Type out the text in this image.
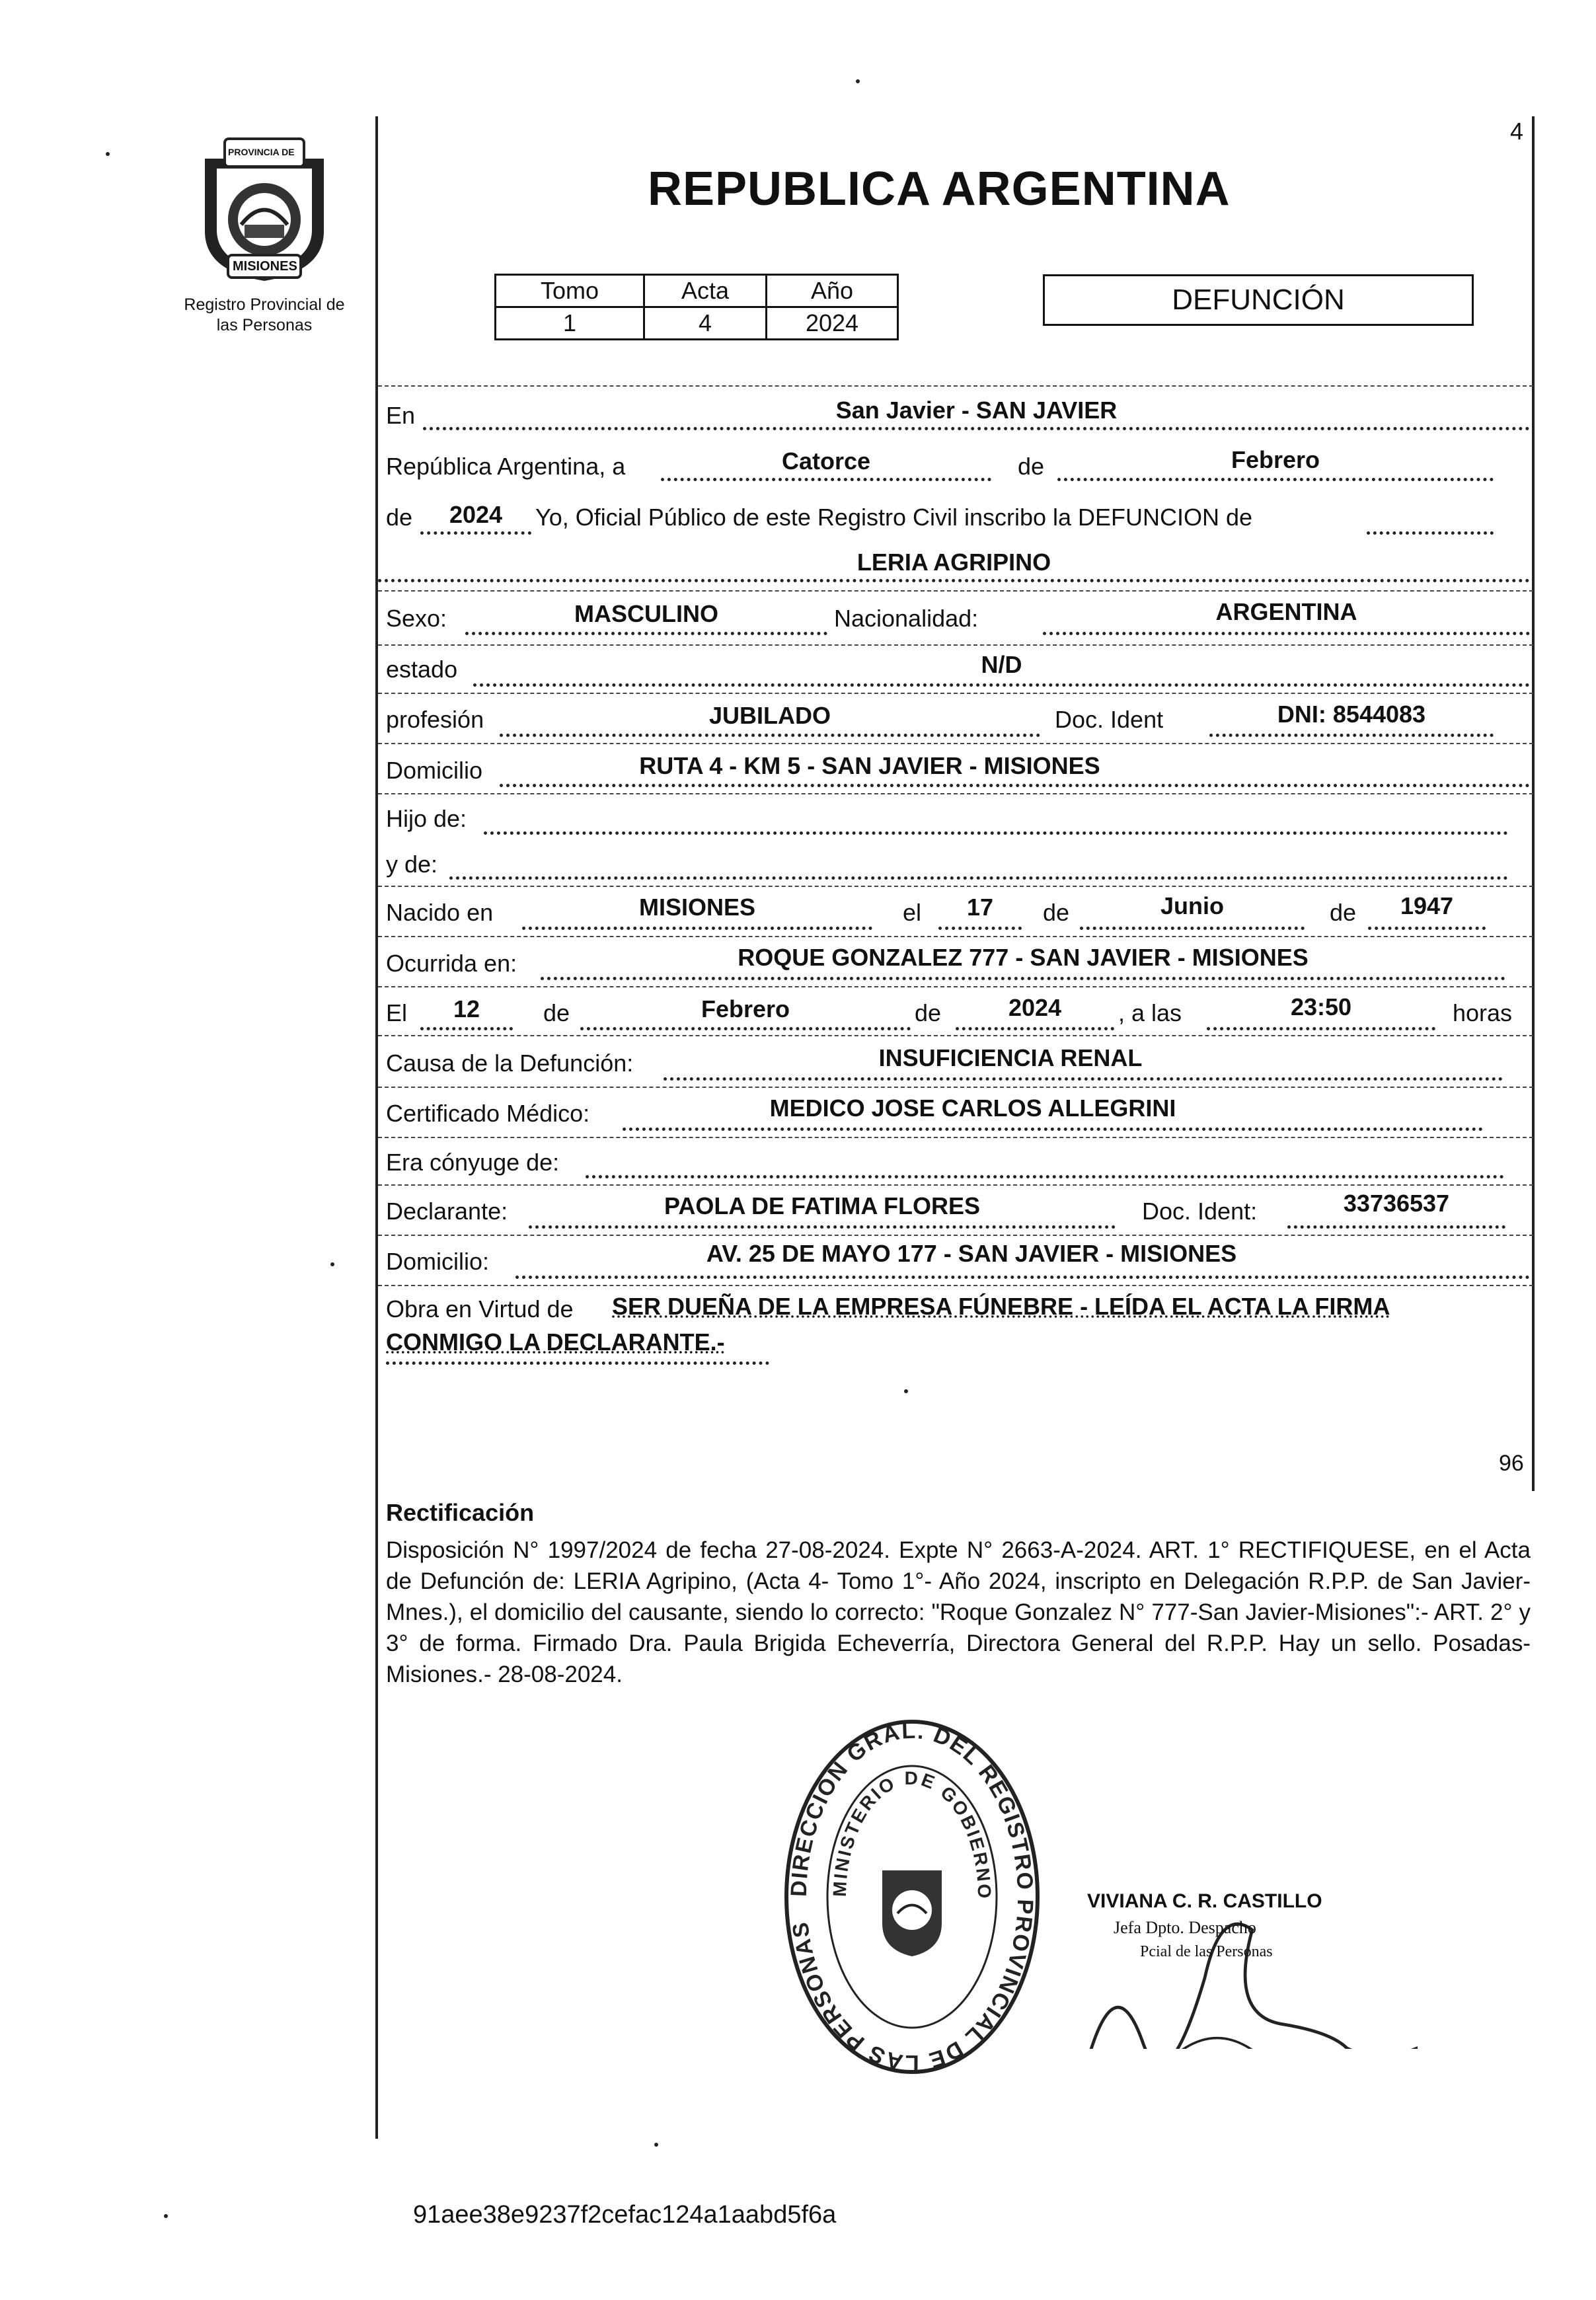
PROVINCIA DE
MISIONES
Registro Provincial de
las Personas
4
REPUBLICA ARGENTINA
Tomo	Acta	Año
1	4	2024
DEFUNCIÓN
En	San Javier - SAN JAVIER
República Argentina, a	Catorce	de	Febrero
de	2024	Yo, Oficial Público de este Registro Civil inscribo la DEFUNCION de
LERIA AGRIPINO
Sexo:	MASCULINO	Nacionalidad:	ARGENTINA
estado	N/D
profesión	JUBILADO	Doc. Ident	DNI: 8544083
Domicilio	RUTA 4 - KM 5 - SAN JAVIER - MISIONES
Hijo de:
y de:
Nacido en	MISIONES	el	17	de	Junio	de	1947
Ocurrida en:	ROQUE GONZALEZ 777 - SAN JAVIER - MISIONES
El	12	de	Febrero	de	2024	, a las	23:50	horas
Causa de la Defunción:	INSUFICIENCIA RENAL
Certificado Médico:	MEDICO JOSE CARLOS ALLEGRINI
Era cónyuge de:
Declarante:	PAOLA DE FATIMA FLORES	Doc. Ident:	33736537
Domicilio:	AV. 25 DE MAYO 177 - SAN JAVIER - MISIONES
Obra en Virtud de SER DUEÑA DE LA EMPRESA FÚNEBRE - LEÍDA EL ACTA LA FIRMA
CONMIGO LA DECLARANTE.-
96
Rectificación
Disposición N° 1997/2024 de fecha 27-08-2024. Expte N° 2663-A-2024. ART. 1° RECTIFIQUESE, en el Acta de Defunción de: LERIA Agripino, (Acta 4- Tomo 1°- Año 2024, inscripto en Delegación R.P.P. de San Javier-Mnes.), el domicilio del causante, siendo lo correcto: "Roque Gonzalez N° 777-San Javier-Misiones":- ART. 2° y 3° de forma. Firmado Dra. Paula Brigida Echeverría, Directora General del R.P.P. Hay un sello. Posadas- Misiones.- 28-08-2024.
DIRECCION GRAL. DEL REGISTRO PROVINCIAL DE LAS PERSONAS
MINISTERIO DE GOBIERNO	VIVIANA C. R. CASTILLO
Jefa Dpto. Despacho
Pcial de las Personas
91aee38e9237f2cefac124a1aabd5f6a
